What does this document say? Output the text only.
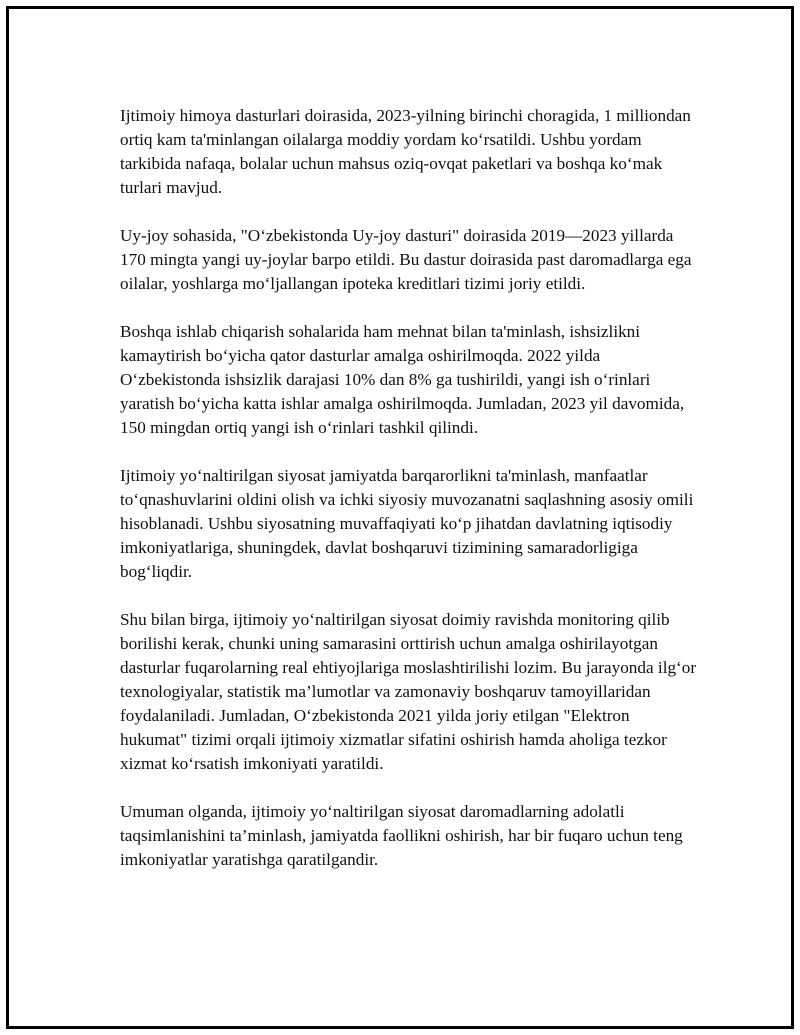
Ijtimoiy himoya dasturlari doirasida, 2023-yilning birinchi choragida, 1 milliondan ortiq kam ta'minlangan oilalarga moddiy yordam ko‘rsatildi. Ushbu yordam tarkibida nafaqa, bolalar uchun mahsus oziq-ovqat paketlari va boshqa ko‘mak turlari mavjud.

Uy-joy sohasida, "O‘zbekistonda Uy-joy dasturi" doirasida 2019—2023 yillarda 170 mingta yangi uy-joylar barpo etildi. Bu dastur doirasida past daromadlarga ega oilalar, yoshlarga mo‘ljallangan ipoteka kreditlari tizimi joriy etildi.

Boshqa ishlab chiqarish sohalarida ham mehnat bilan ta'minlash, ishsizlikni kamaytirish bo‘yicha qator dasturlar amalga oshirilmoqda. 2022 yilda O‘zbekistonda ishsizlik darajasi 10% dan 8% ga tushirildi, yangi ish o‘rinlari yaratish bo‘yicha katta ishlar amalga oshirilmoqda. Jumladan, 2023 yil davomida, 150 mingdan ortiq yangi ish o‘rinlari tashkil qilindi.

Ijtimoiy yo‘naltirilgan siyosat jamiyatda barqarorlikni ta'minlash, manfaatlar to‘qnashuvlarini oldini olish va ichki siyosiy muvozanatni saqlashning asosiy omili hisoblanadi. Ushbu siyosatning muvaffaqiyati ko‘p jihatdan davlatning iqtisodiy imkoniyatlariga, shuningdek, davlat boshqaruvi tizimining samaradorligiga bog‘liqdir.

Shu bilan birga, ijtimoiy yo‘naltirilgan siyosat doimiy ravishda monitoring qilib borilishi kerak, chunki uning samarasini orttirish uchun amalga oshirilayotgan dasturlar fuqarolarning real ehtiyojlariga moslashtirilishi lozim. Bu jarayonda ilg‘or texnologiyalar, statistik ma’lumotlar va zamonaviy boshqaruv tamoyillaridan foydalaniladi. Jumladan, O‘zbekistonda 2021 yilda joriy etilgan "Elektron hukumat" tizimi orqali ijtimoiy xizmatlar sifatini oshirish hamda aholiga tezkor xizmat ko‘rsatish imkoniyati yaratildi.

Umuman olganda, ijtimoiy yo‘naltirilgan siyosat daromadlarning adolatli taqsimlanishini ta’minlash, jamiyatda faollikni oshirish, har bir fuqaro uchun teng imkoniyatlar yaratishga qaratilgandir.
